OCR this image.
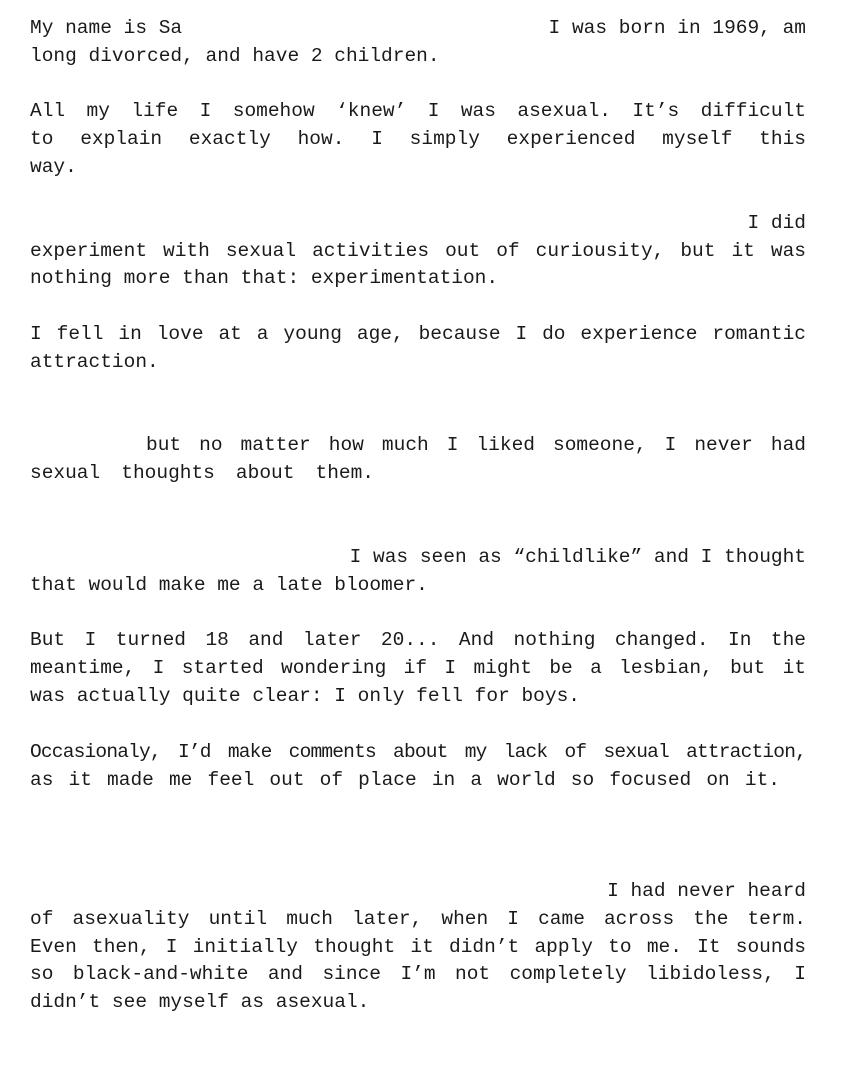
My name is Sa	I was born in 1969, am
long divorced, and have 2 children.
All my life I somehow ‘knew’ I was asexual. It’s difficult
to explain exactly how. I simply experienced myself this
way.
I did
experiment with sexual activities out of curiousity, but it was
nothing more than that: experimentation.
I fell in love at a young age, because I do experience romantic
attraction.
but no matter how much I liked someone, I never had
sexual thoughts about them.
I was seen as “childlike” and I thought
that would make me a late bloomer.
But I turned 18 and later 20... And nothing changed. In the
meantime, I started wondering if I might be a lesbian, but it
was actually quite clear: I only fell for boys.
Occasionaly, I’d make comments about my lack of sexual attraction,
as it made me feel out of place in a world so focused on it.
I had never heard
of asexuality until much later, when I came across the term.
Even then, I initially thought it didn’t apply to me. It sounds
so black-and-white and since I’m not completely libidoless, I
didn’t see myself as asexual.
